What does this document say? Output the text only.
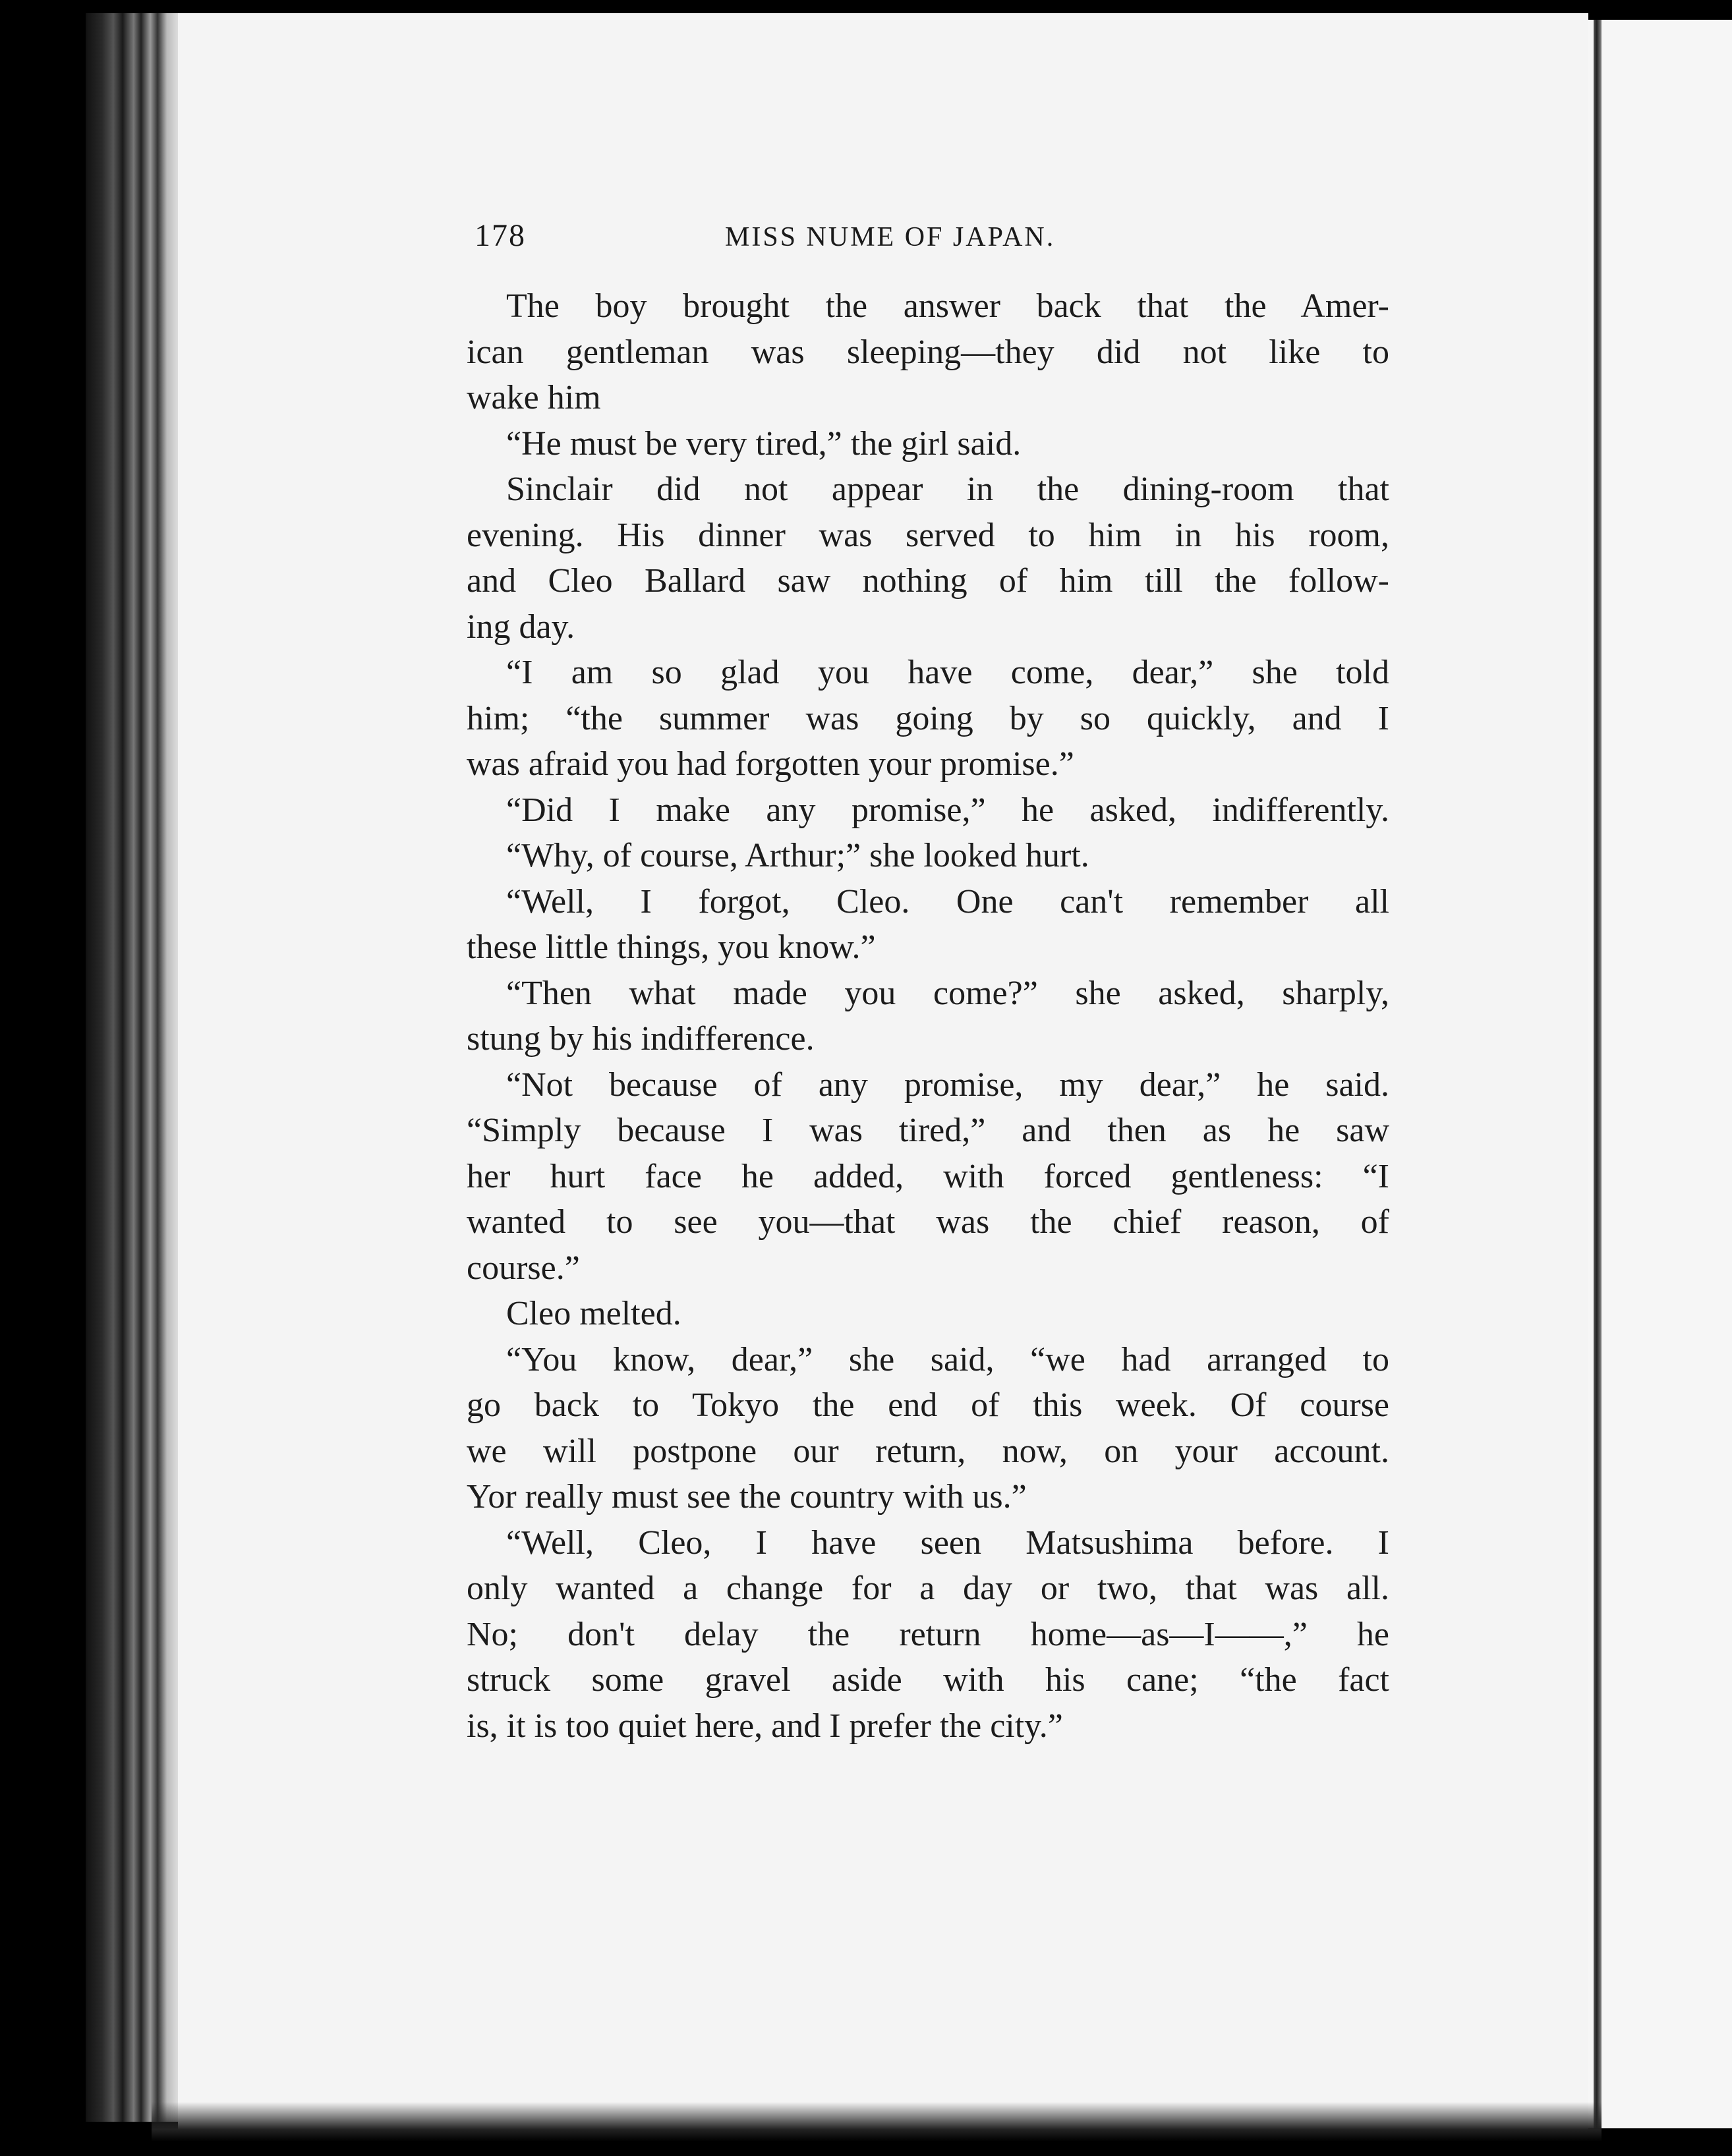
178	MISS NUME OF JAPAN.
The boy brought the answer back that the Amer-
ican gentleman was sleeping—they did not like to
wake him
“He must be very tired,” the girl said.
Sinclair did not appear in the dining-room that
evening. His dinner was served to him in his room,
and Cleo Ballard saw nothing of him till the follow-
ing day.
“I am so glad you have come, dear,” she told
him; “the summer was going by so quickly, and I
was afraid you had forgotten your promise.”
“Did I make any promise,” he asked, indifferently.
“Why, of course, Arthur;” she looked hurt.
“Well, I forgot, Cleo. One can't remember all
these little things, you know.”
“Then what made you come?” she asked, sharply,
stung by his indifference.
“Not because of any promise, my dear,” he said.
“Simply because I was tired,” and then as he saw
her hurt face he added, with forced gentleness: “I
wanted to see you—that was the chief reason, of
course.”
Cleo melted.
“You know, dear,” she said, “we had arranged to
go back to Tokyo the end of this week. Of course
we will postpone our return, now, on your account.
Yor really must see the country with us.”
“Well, Cleo, I have seen Matsushima before. I
only wanted a change for a day or two, that was all.
No; don't delay the return home—as—I——,” he
struck some gravel aside with his cane; “the fact
is, it is too quiet here, and I prefer the city.”
